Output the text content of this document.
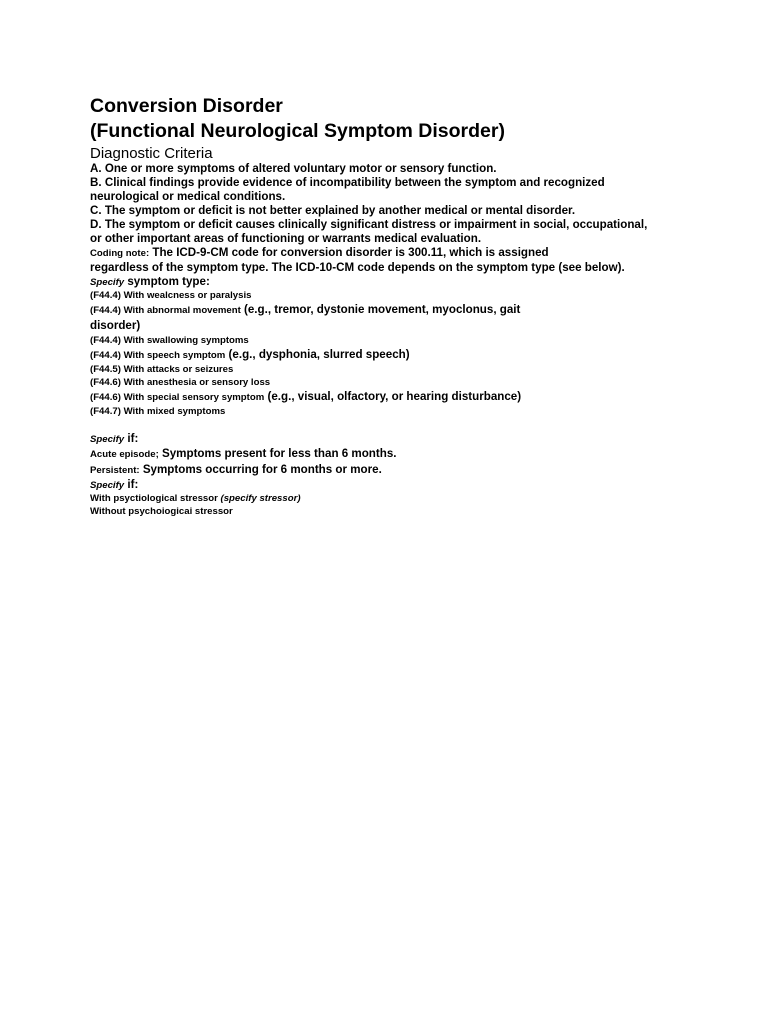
Conversion Disorder

(Functional Neurological Symptom Disorder)

Diagnostic Criteria

A. One or more symptoms of altered voluntary motor or sensory function.

B. Clinical findings provide evidence of incompatibility between the symptom and recognized

neurological or medical conditions.

C. The symptom or deficit is not better explained by another medical or mental disorder.

D. The symptom or deficit causes clinically significant distress or impairment in social, occupational,

or other important areas of functioning or warrants medical evaluation.

Coding note: The ICD-9-CM code for conversion disorder is 300.11, which is assigned

regardless of the symptom type. The ICD-10-CM code depends on the symptom type (see below).

Specify symptom type:

(F44.4) With wealcness or paralysis

(F44.4) With abnormal movement (e.g., tremor, dystonie movement, myoclonus, gait

disorder)

(F44.4) With swallowing symptoms

(F44.4) With speech symptom (e.g., dysphonia, slurred speech)

(F44.5) With attacks or seizures

(F44.6) With anesthesia or sensory loss

(F44.6) With special sensory symptom (e.g., visual, olfactory, or hearing disturbance)

(F44.7) With mixed symptoms

Specify if:

Acute episode; Symptoms present for less than 6 months.

Persistent: Symptoms occurring for 6 months or more.

Specify if:

With psyctiological stressor (specify stressor)

Without psychoiogicai stressor
